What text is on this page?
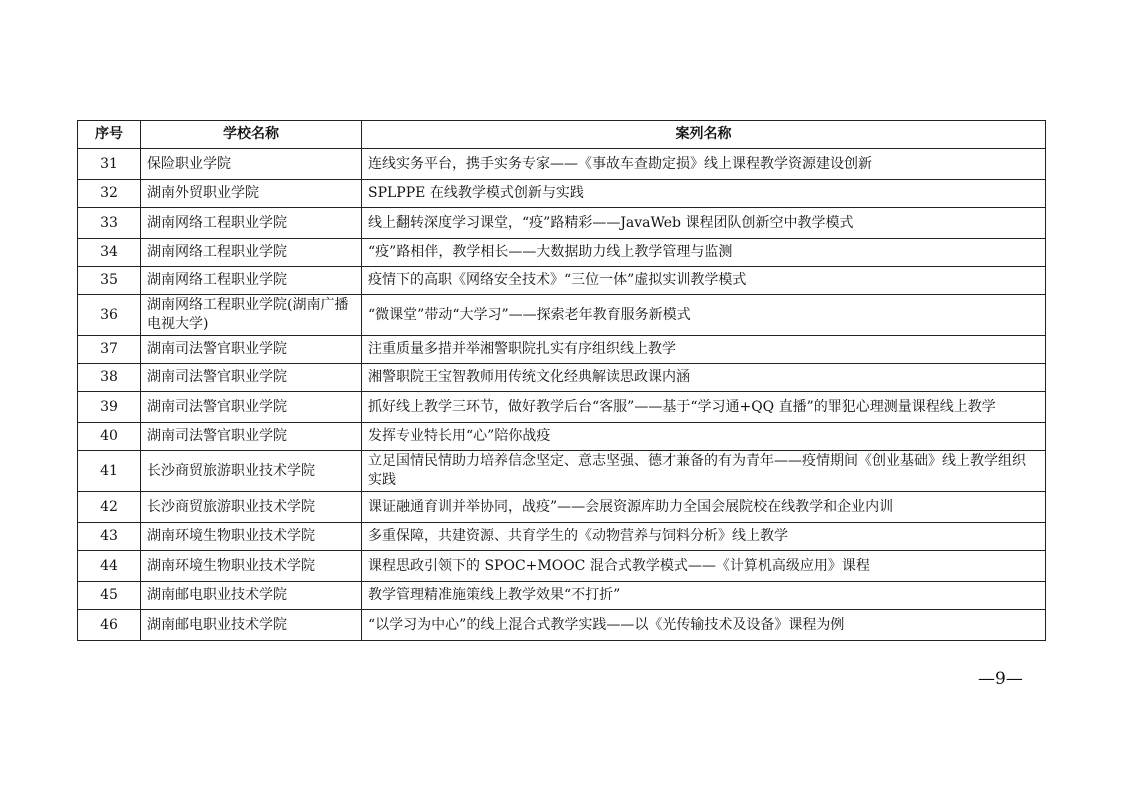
序号	学校名称	案列名称
31	保险职业学院	连线实务平台，携手实务专家——《事故车查勘定损》线上课程教学资源建设创新
32	湖南外贸职业学院	SPLPPE 在线教学模式创新与实践
33	湖南网络工程职业学院	线上翻转深度学习课堂，“疫”路精彩——JavaWeb 课程团队创新空中教学模式
34	湖南网络工程职业学院	“疫”路相伴，教学相长——大数据助力线上教学管理与监测
35	湖南网络工程职业学院	疫情下的高职《网络安全技术》“三位一体”虚拟实训教学模式
36	湖南网络工程职业学院(湖南广播电视大学)	“微课堂”带动“大学习”——探索老年教育服务新模式
37	湖南司法警官职业学院	注重质量多措并举湘警职院扎实有序组织线上教学
38	湖南司法警官职业学院	湘警职院王宝智教师用传统文化经典解读思政课内涵
39	湖南司法警官职业学院	抓好线上教学三环节，做好教学后台“客服”——基于“学习通+QQ 直播”的罪犯心理测量课程线上教学
40	湖南司法警官职业学院	发挥专业特长用“心”陪你战疫
41	长沙商贸旅游职业技术学院	立足国情民情助力培养信念坚定、意志坚强、德才兼备的有为青年——疫情期间《创业基础》线上教学组织实践
42	长沙商贸旅游职业技术学院	课证融通育训并举协同，战疫”——会展资源库助力全国会展院校在线教学和企业内训
43	湖南环境生物职业技术学院	多重保障，共建资源、共育学生的《动物营养与饲料分析》线上教学
44	湖南环境生物职业技术学院	课程思政引领下的 SPOC+MOOC 混合式教学模式——《计算机高级应用》课程
45	湖南邮电职业技术学院	教学管理精准施策线上教学效果“不打折”
46	湖南邮电职业技术学院	“以学习为中心”的线上混合式教学实践——以《光传输技术及设备》课程为例
—9—
